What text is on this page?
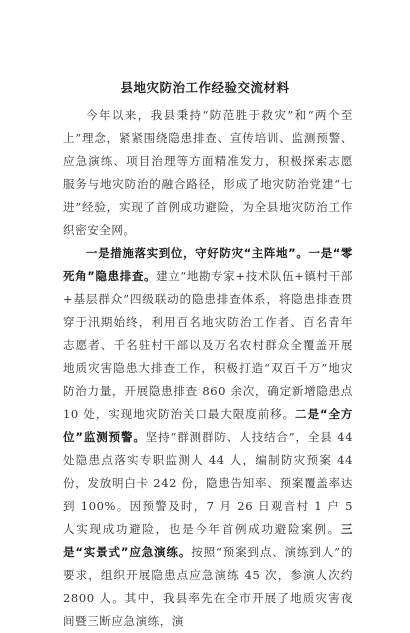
县地灾防治工作经验交流材料

今年以来，我县秉持“防范胜于救灾”和“两个至上”理念，紧紧围绕隐患排查、宣传培训、监测预警、应急演练、项目治理等方面精准发力，积极探索志愿服务与地灾防治的融合路径，形成了地灾防治党建“七进”经验，实现了首例成功避险，为全县地灾防治工作织密安全网。

一是措施落实到位，守好防灾“主阵地”。一是“零死角”隐患排查。建立“地勘专家+技术队伍+镇村干部+基层群众”四级联动的隐患排查体系，将隐患排查贯穿于汛期始终，利用百名地灾防治工作者、百名青年志愿者、千名驻村干部以及万名农村群众全覆盖开展地质灾害隐患大排查工作，积极打造“双百千万”地灾防治力量，开展隐患排查 860 余次，确定新增隐患点 10 处，实现地灾防治关口最大限度前移。二是“全方位”监测预警。坚持“群测群防、人技结合”，全县 44 处隐患点落实专职监测人 44 人，编制防灾预案 44 份，发放明白卡 242 份，隐患告知率、预案覆盖率达到 100%。因预警及时，7 月 26 日观音村 1 户 5 人实现成功避险，也是今年首例成功避险案例。三是“实景式”应急演练。按照“预案到点、演练到人”的要求，组织开展隐患点应急演练 45 次，参演人次约 2800 人。其中，我县率先在全市开展了地质灾害夜间暨三断应急演练，演
